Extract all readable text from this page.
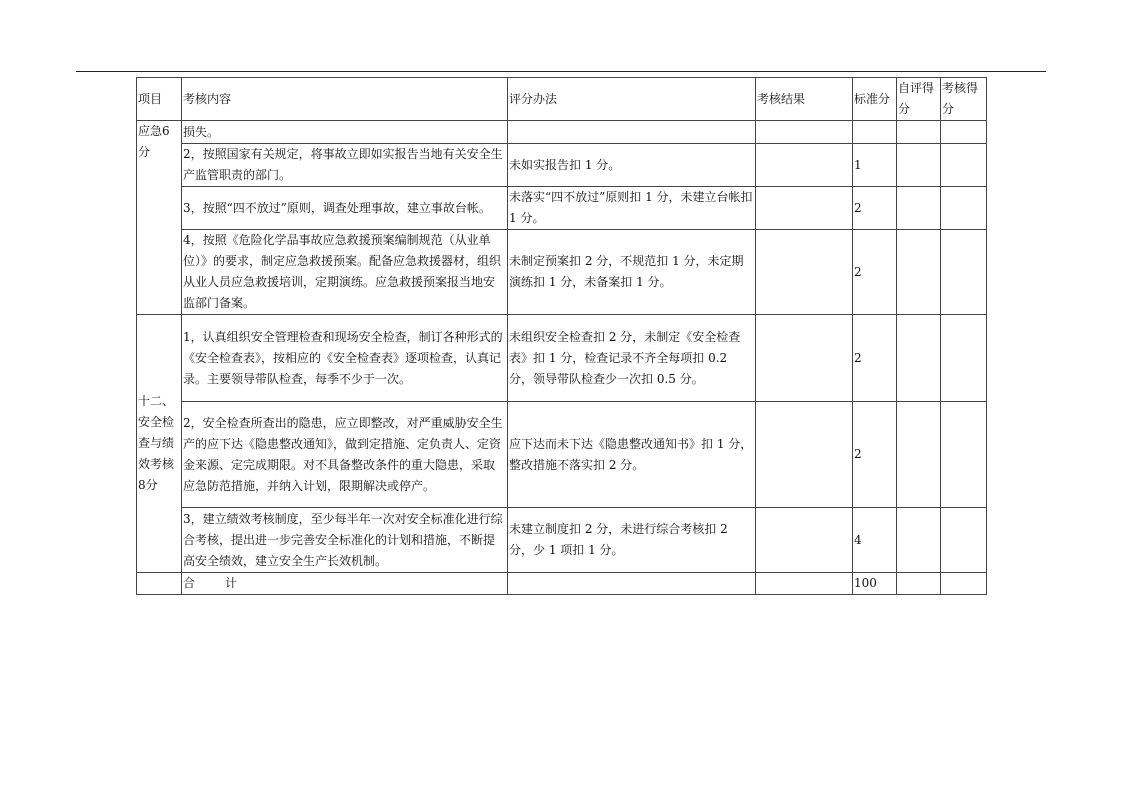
项目	考核内容	评分办法	考核结果	标准分	自评得分	考核得分
应急6分	损失。					
	2，按照国家有关规定，将事故立即如实报告当地有关安全生产监管职责的部门。	未如实报告扣 1 分。		1		
	3，按照“四不放过”原则，调查处理事故，建立事故台帐。	未落实“四不放过”原则扣 1 分，未建立台帐扣 1 分。		2		
	4，按照《危险化学品事故应急救援预案编制规范（从业单位）》的要求，制定应急救援预案。配备应急救援器材，组织从业人员应急救援培训，定期演练。应急救援预案报当地安监部门备案。	未制定预案扣 2 分，不规范扣 1 分，未定期演练扣 1 分，未备案扣 1 分。		2		
十二、安全检查与绩效考核8分	1，认真组织安全管理检查和现场安全检查，制订各种形式的《安全检查表》，按相应的《安全检查表》逐项检查，认真记录。主要领导带队检查，每季不少于一次。	未组织安全检查扣 2 分，未制定《安全检查表》扣 1 分，检查记录不齐全每项扣 0.2 分，领导带队检查少一次扣 0.5 分。		2		
	2，安全检查所查出的隐患，应立即整改，对严重威胁安全生产的应下达《隐患整改通知》，做到定措施、定负责人、定资金来源、定完成期限。对不具备整改条件的重大隐患，采取应急防范措施，并纳入计划，限期解决或停产。	应下达而未下达《隐患整改通知书》扣 1 分，整改措施不落实扣 2 分。		2		
	3，建立绩效考核制度，至少每半年一次对安全标准化进行综合考核，提出进一步完善安全标准化的计划和措施，不断提高安全绩效，建立安全生产长效机制。	未建立制度扣 2 分，未进行综合考核扣 2 分，少 1 项扣 1 分。		4		
	合 计			100		
